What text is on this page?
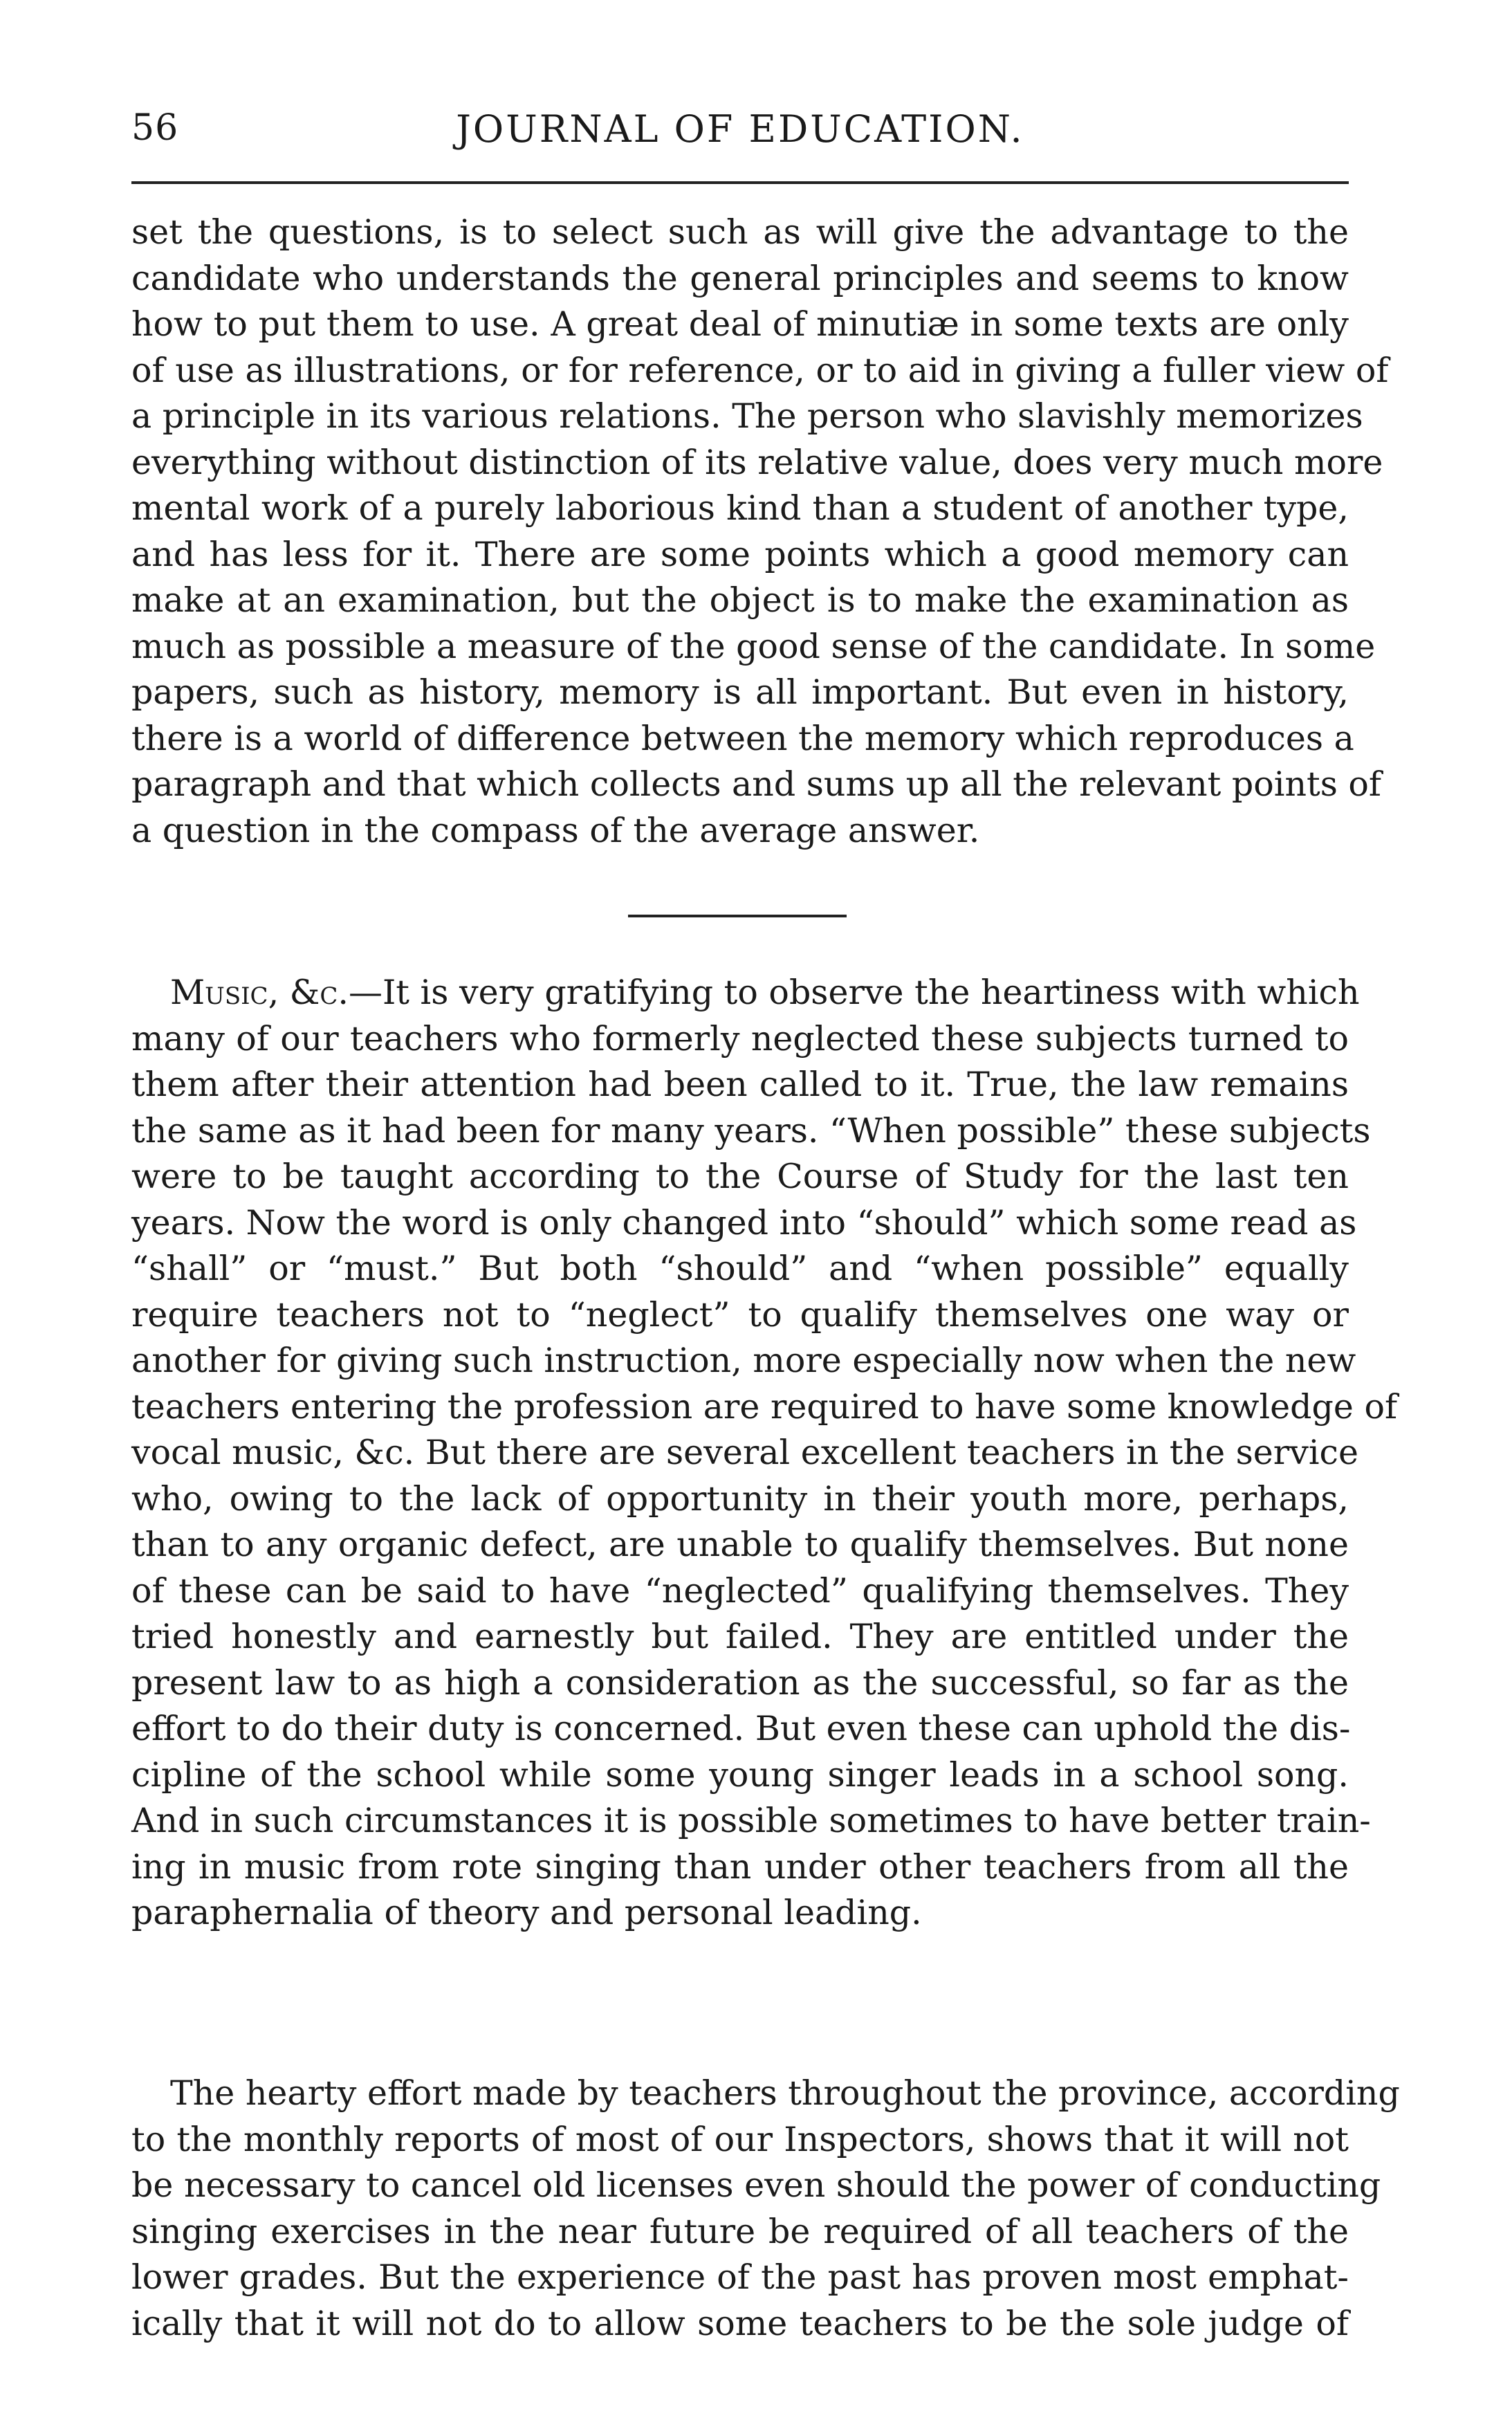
56	JOURNAL OF EDUCATION.
set the questions, is to select such as will give the advantage to the
candidate who understands the general principles and seems to know
how to put them to use. A great deal of minutiæ in some texts are only
of use as illustrations, or for reference, or to aid in giving a fuller view of
a principle in its various relations. The person who slavishly memorizes
everything without distinction of its relative value, does very much more
mental work of a purely laborious kind than a student of another type,
and has less for it. There are some points which a good memory can
make at an examination, but the object is to make the examination as
much as possible a measure of the good sense of the candidate. In some
papers, such as history, memory is all important. But even in history,
there is a world of difference between the memory which reproduces a
paragraph and that which collects and sums up all the relevant points of
a question in the compass of the average answer.
Music, &c.—It is very gratifying to observe the heartiness with which
many of our teachers who formerly neglected these subjects turned to
them after their attention had been called to it. True, the law remains
the same as it had been for many years. “When possible” these subjects
were to be taught according to the Course of Study for the last ten
years. Now the word is only changed into “should” which some read as
“shall” or “must.” But both “should” and “when possible” equally
require teachers not to “neglect” to qualify themselves one way or
another for giving such instruction, more especially now when the new
teachers entering the profession are required to have some knowledge of
vocal music, &c. But there are several excellent teachers in the service
who, owing to the lack of opportunity in their youth more, perhaps,
than to any organic defect, are unable to qualify themselves. But none
of these can be said to have “neglected” qualifying themselves. They
tried honestly and earnestly but failed. They are entitled under the
present law to as high a consideration as the successful, so far as the
effort to do their duty is concerned. But even these can uphold the dis-
cipline of the school while some young singer leads in a school song.
And in such circumstances it is possible sometimes to have better train-
ing in music from rote singing than under other teachers from all the
paraphernalia of theory and personal leading.
The hearty effort made by teachers throughout the province, according
to the monthly reports of most of our Inspectors, shows that it will not
be necessary to cancel old licenses even should the power of conducting
singing exercises in the near future be required of all teachers of the
lower grades. But the experience of the past has proven most emphat-
ically that it will not do to allow some teachers to be the sole judge of
